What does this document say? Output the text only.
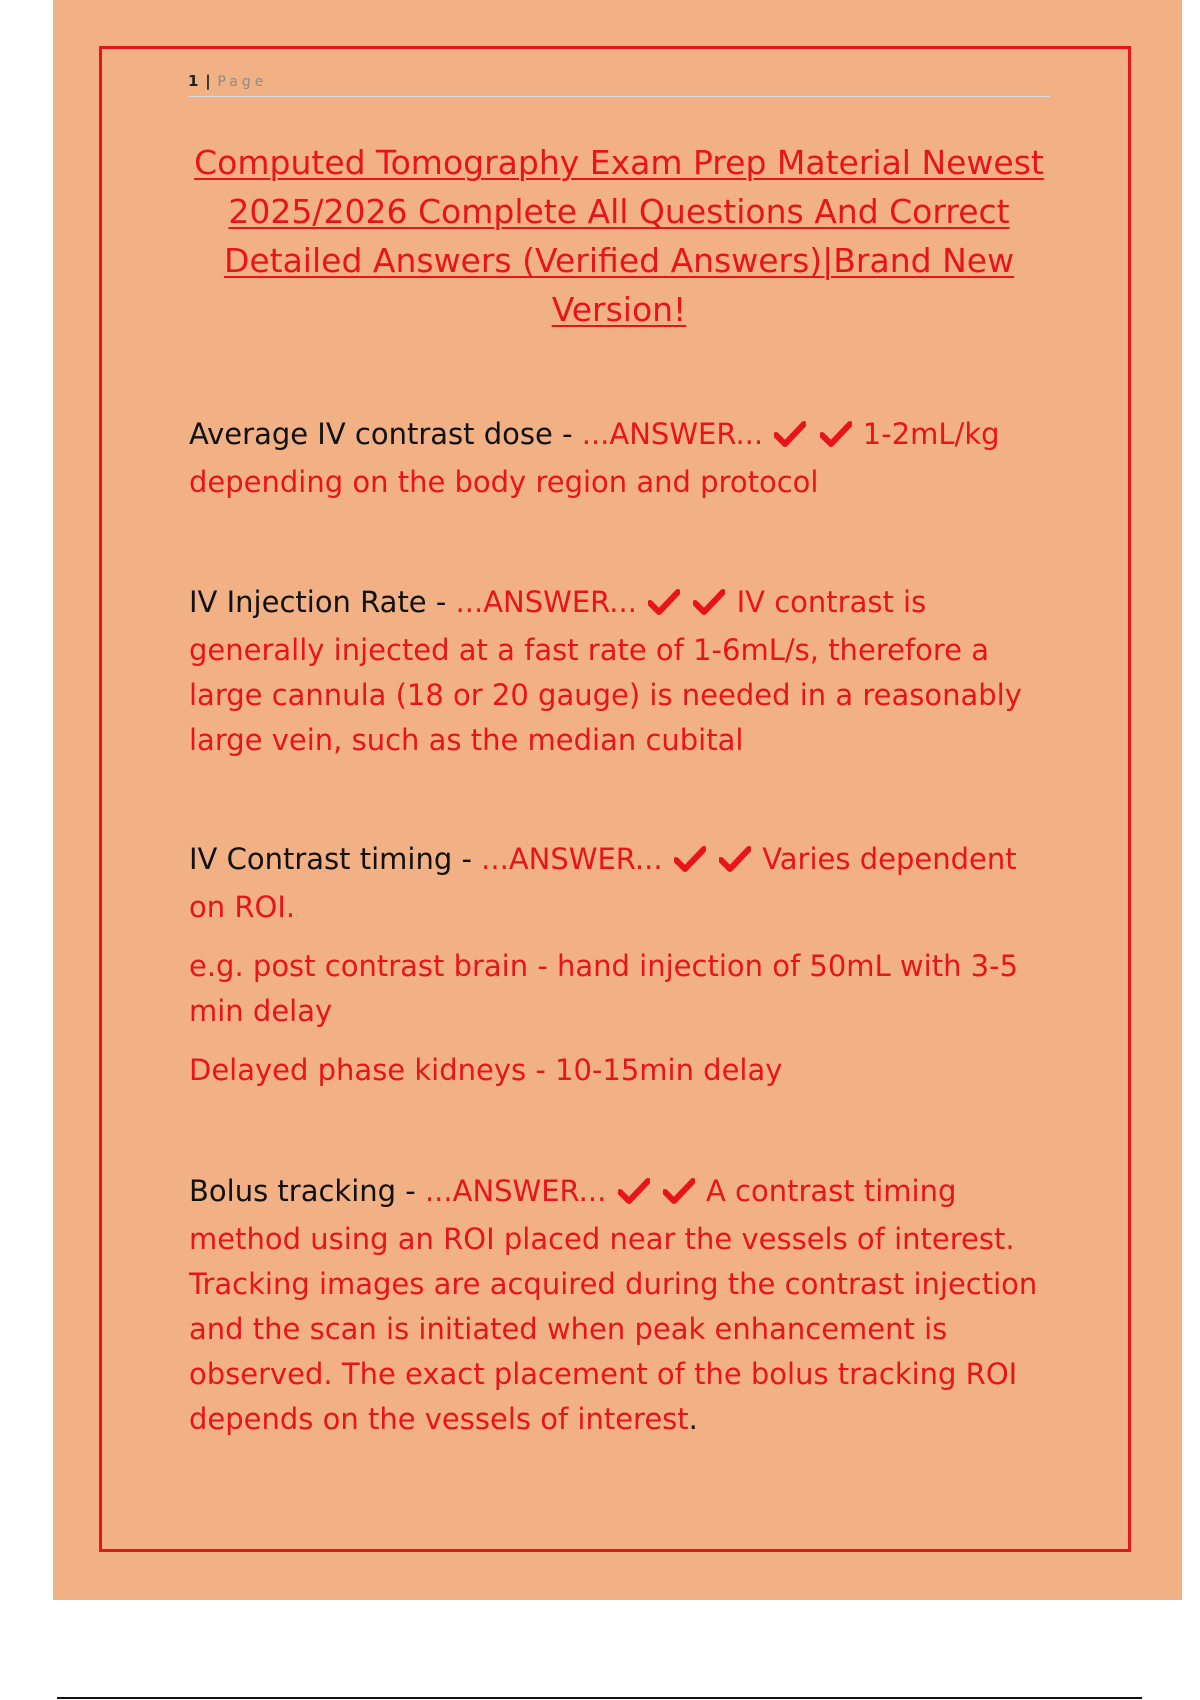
1 | Page
Computed Tomography Exam Prep Material Newest 2025/2026 Complete All Questions And Correct Detailed Answers (Verified Answers)|Brand New Version!

Average IV contrast dose - ...ANSWER...	1-2mL/kg depending on the body region and protocol

IV Injection Rate - ...ANSWER...	IV contrast is generally injected at a fast rate of 1-6mL/s, therefore a large cannula (18 or 20 gauge) is needed in a reasonably large vein, such as the median cubital

IV Contrast timing - ...ANSWER...	Varies dependent on ROI.

e.g. post contrast brain - hand injection of 50mL with 3-5 min delay

Delayed phase kidneys - 10-15min delay

Bolus tracking - ...ANSWER...	A contrast timing method using an ROI placed near the vessels of interest. Tracking images are acquired during the contrast injection and the scan is initiated when peak enhancement is observed. The exact placement of the bolus tracking ROI depends on the vessels of interest.
